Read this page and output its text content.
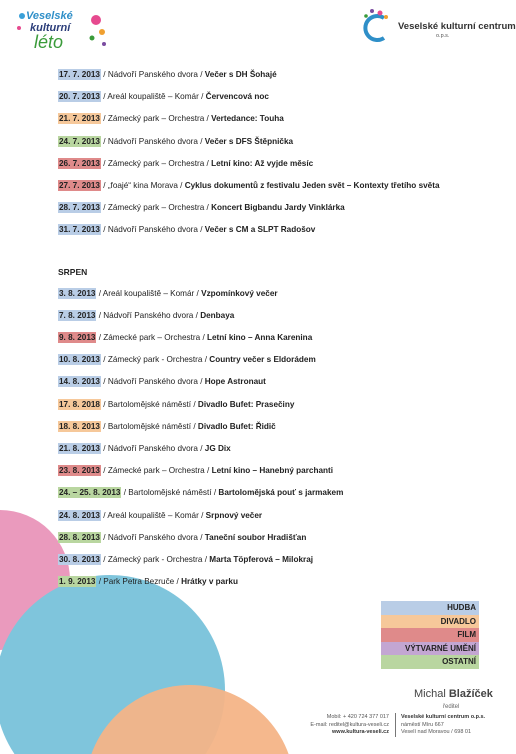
Veselské
kulturní
léto
Veselské kulturní centrum
o.p.s.
17. 7. 2013 / Nádvoří Panského dvora / Večer s DH Šohajé
20. 7. 2013 / Areál koupaliště – Komár / Červencová noc
21. 7. 2013 / Zámecký park – Orchestra / Vertedance: Touha
24. 7. 2013 / Nádvoří Panského dvora / Večer s DFS Štěpnička
26. 7. 2013 / Zámecký park – Orchestra / Letní kino: Až vyjde měsíc
27. 7. 2013 / „foajé“ kina Morava / Cyklus dokumentů z festivalu Jeden svět – Kontexty třetího světa
28. 7. 2013 / Zámecký park – Orchestra / Koncert Bigbandu Jardy Vinklárka
31. 7. 2013 / Nádvoří Panského dvora / Večer s CM a SLPT Radošov
SRPEN
3. 8. 2013 / Areál koupaliště – Komár / Vzpomínkový večer
7. 8. 2013 / Nádvoří Panského dvora / Denbaya
9. 8. 2013 / Zámecké park – Orchestra / Letní kino – Anna Karenina
10. 8. 2013 / Zámecký park - Orchestra / Country večer s Eldorádem
14. 8. 2013 / Nádvoří Panského dvora / Hope Astronaut
17. 8. 2018 / Bartolomějské náměstí / Divadlo Bufet: Prasečiny
18. 8. 2013 / Bartolomějské náměstí / Divadlo Bufet: Řidič
21. 8. 2013 / Nádvoří Panského dvora / JG Dix
23. 8. 2013 / Zámecké park – Orchestra / Letní kino – Hanebný parchanti
24. – 25. 8. 2013 / Bartolomějské náměstí / Bartolomějská pouť s jarmakem
24. 8. 2013 / Areál koupaliště – Komár / Srpnový večer
28. 8. 2013 / Nádvoří Panského dvora / Taneční soubor Hradišťan
30. 8. 2013 / Zámecký park - Orchestra / Marta Töpferová – Milokraj
1. 9. 2013 / Park Petra Bezruče / Hrátky v parku
HUDBA
DIVADLO
FILM
VÝTVARNÉ UMĚNÍ
OSTATNÍ
Michal Blažíček
ředitel
Mobil: + 420 724 377 017
E-mail: reditel@kultura-veseli.cz
www.kultura-veseli.cz
Veselské kulturní centrum o.p.s.
náměstí Míru 667
Veselí nad Moravou / 698 01
